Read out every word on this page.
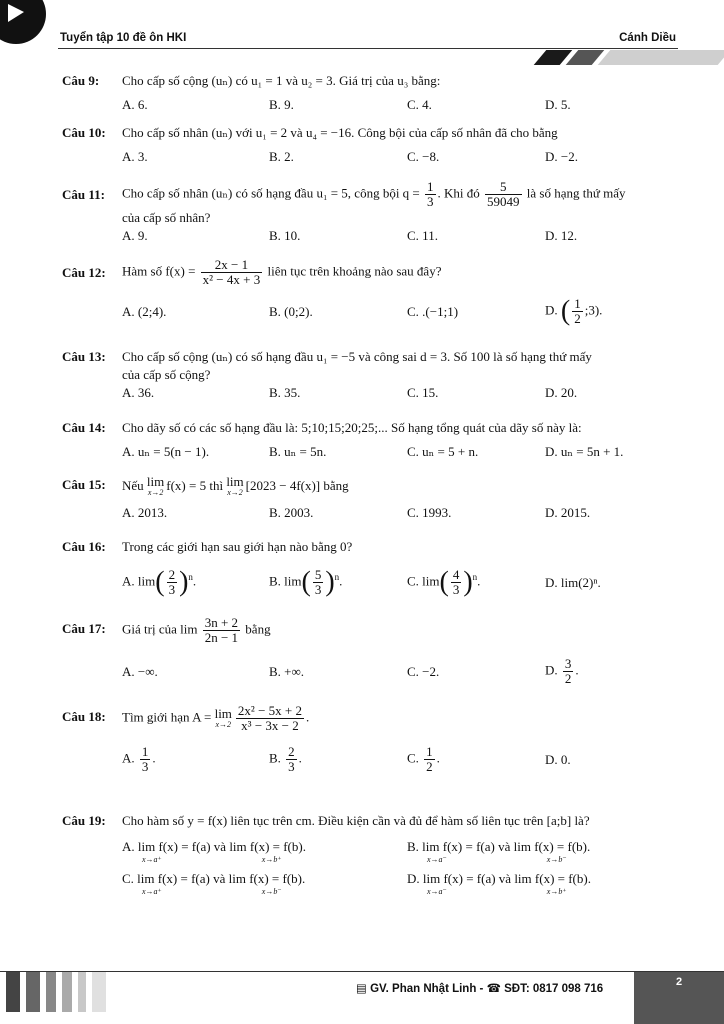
Tuyển tập 10 đề ôn HKI	Cánh Diều
Câu 9: Cho cấp số cộng (uₙ) có u₁ = 1 và u₂ = 3. Giá trị của u₃ bằng:
A. 6.	B. 9.	C. 4.	D. 5.
Câu 10: Cho cấp số nhân (uₙ) với u₁ = 2 và u₄ = −16. Công bội của cấp số nhân đã cho bằng
A. 3.	B. 2.	C. −8.	D. −2.
Câu 11: Cho cấp số nhân (uₙ) có số hạng đầu u₁ = 5, công bội $q = \frac{1}{3}$ . Khi đó $\frac{5}{59049}$ là số hạng thứ mấy
của cấp số nhân?
A. 9.	B. 10.	C. 11.	D. 12.
Câu 12: Hàm số $f(x) = \frac{2x - 1}{\text{x² − 4x + 3}}$ liên tục trên khoảng nào sau đây?
A. (2;4).	B. (0;2).	C. .(−1;1)	D. ( $\frac{1}{2}$ ;3).
Câu 13: Cho cấp số cộng (uₙ) có số hạng đầu u₁ = −5 và công sai d = 3. Số 100 là số hạng thứ mấy
của cấp số cộng?
A. 36.	B. 35.	C. 15.	D. 20.
Câu 14: Cho dãy số có các số hạng đầu là: 5;10;15;20;25;... Số hạng tổng quát của dãy số này là:
A. uₙ = 5(n − 1).	B. uₙ = 5n.	C. uₙ = 5 + n.	D. uₙ = 5n + 1.
Câu 15: Nếu lim
x→2 f(x) = 5 thì lim
x→2 [2023 − 4f(x)] bằng
A. 2013.	B. 2003.	C. 1993.	D. 2015.
Câu 16: Trong các giới hạn sau giới hạn nào bằng 0?
A. $\lim( \frac{2}{3} )^n$.	B. $\lim( \frac{5}{3} )^n$.	C. $\lim( \frac{4}{3} )^n$.	D. lim(2)ⁿ.
Câu 17: Giá trị của $\lim \frac{3n + 2}{2n - 1}$ bằng
A. −∞.	B. +∞.	C. −2.	D. $\frac{3}{2}$ .
Câu 18: Tìm giới hạn A = lim
$x\to 2 \frac{\text{2x² − 5x + 2}}{\text{x³ − 3x − 2}}$ .
A. $\frac{1}{3}$ .	B. $\frac{2}{3}$ .	C. $\frac{1}{2}$ .	D. 0.
Câu 19: Cho hàm số y = f(x) liên tục trên cm. Điều kiện cần và đủ để hàm số liên tục trên [a;b] là?
A. lim f(x) = f(a) và lim f(x) = f(b).
x→a⁺	x→b⁺
B. lim f(x) = f(a) và lim f(x) = f(b).
x→a⁻	x→b⁻
C. lim f(x) = f(a) và lim f(x) = f(b).
x→a⁺	x→b⁻
D. lim f(x) = f(a) và lim f(x) = f(b).
x→a⁻	x→b⁺
▤ GV. Phan Nhật Linh - ☎ SĐT: 0817 098 716
2
